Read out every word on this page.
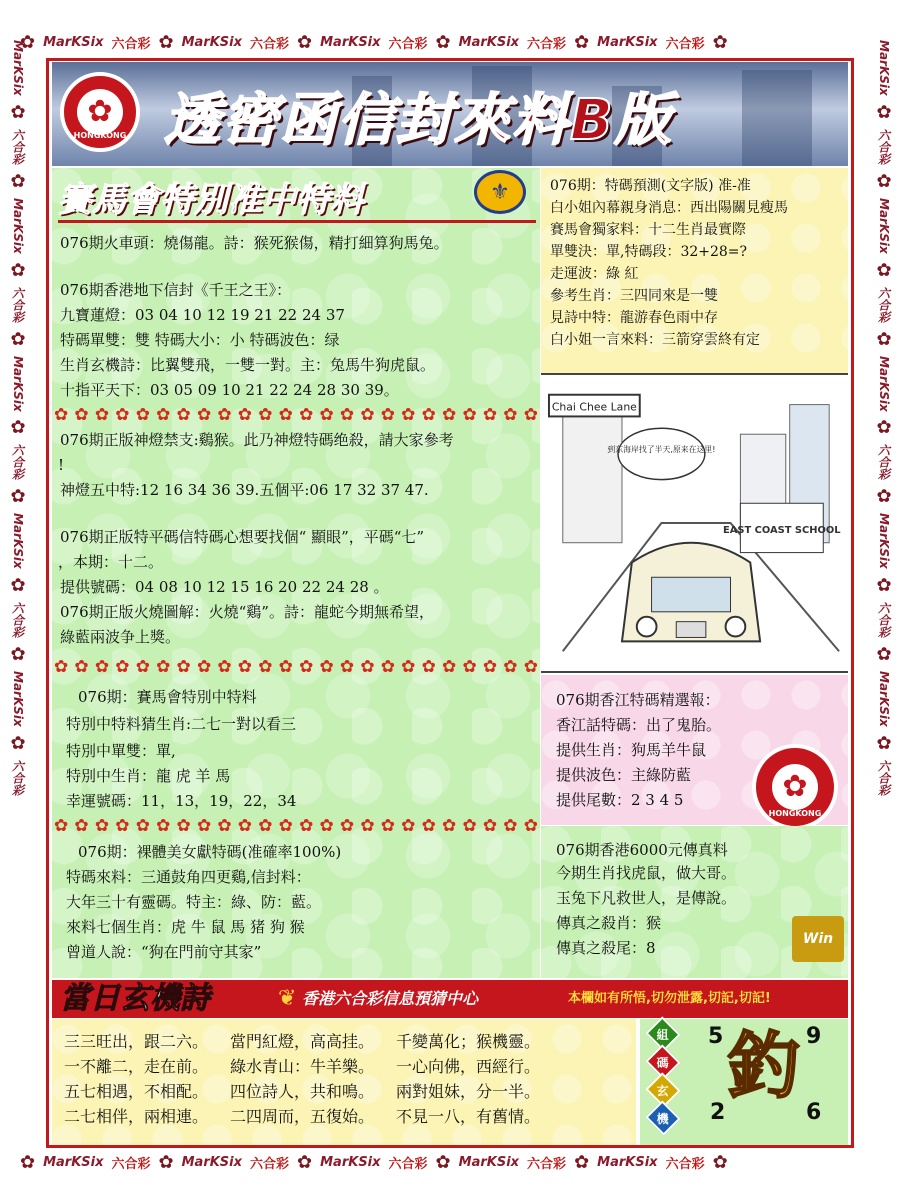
✿ MarKSix 六合彩 ✿ MarKSix 六合彩 ✿ MarKSix 六合彩 ✿ MarKSix 六合彩 ✿ MarKSix 六合彩 ✿
✿ MarKSix 六合彩 ✿ MarKSix 六合彩 ✿ MarKSix 六合彩 ✿ MarKSix 六合彩 ✿ MarKSix 六合彩 ✿
MarKSix
✿
六合彩
✿
MarKSix
✿
六合彩
✿
MarKSix
✿
六合彩
✿
MarKSix
✿
六合彩
✿
MarKSix
✿
六合彩
MarKSix
✿
六合彩
✿
MarKSix
✿
六合彩
✿
MarKSix
✿
六合彩
✿
MarKSix
✿
六合彩
✿
MarKSix
✿
六合彩
✿
HONGKONG 透密函信封來料B版
賽馬會特別准中特料	⚜
076期火車頭：燒傷龍。詩：猴死猴傷，精打細算狗馬兔。
076期香港地下信封《千王之王》：
九寶蓮燈：03 04 10 12 19 21 22 24 37
特碼單雙：雙 特碼大小：小 特碼波色：绿
生肖玄機詩：比翼雙飛，一雙一對。主：兔馬牛狗虎鼠。
十指平天下：03 05 09 10 21 22 24 28 30 39。
✿ ✿ ✿ ✿ ✿ ✿ ✿ ✿ ✿ ✿ ✿ ✿ ✿ ✿ ✿ ✿ ✿ ✿ ✿ ✿ ✿ ✿ ✿ ✿
076期正版神燈禁支:鷄猴。此乃神燈特碼绝殺，請大家參考
!
神燈五中特:12 16 34 36 39.五個平:06 17 32 37 47.
076期正版特平碼信特碼心想要找個“ 顯眼”，平碼“七”
，本期：十二。
提供號碼：04 08 10 12 15 16 20 22 24 28 。
076期正版火燒圖解：火燒“鷄”。詩：龍蛇今期無希望，
綠藍兩波争上獎。
✿ ✿ ✿ ✿ ✿ ✿ ✿ ✿ ✿ ✿ ✿ ✿ ✿ ✿ ✿ ✿ ✿ ✿ ✿ ✿ ✿ ✿ ✿ ✿
076期：賽馬會特別中特料
特別中特料猜生肖:二七一對以看三
特別中單雙：單,
特別中生肖：龍 虎 羊 馬
幸運號碼：11，13，19，22，34
✿ ✿ ✿ ✿ ✿ ✿ ✿ ✿ ✿ ✿ ✿ ✿ ✿ ✿ ✿ ✿ ✿ ✿ ✿ ✿ ✿ ✿ ✿ ✿
076期：裸體美女獻特碼(准確率100%)
特碼來料：三通鼓角四更鷄,信封料：
大年三十有靈碼。特主：綠、防：藍。
來料七個生肖：虎 牛 鼠 馬 猪 狗 猴
曾道人說：“狗在門前守其家”
076期：特碼預測(文字版) 准-准
白小姐內幕親身消息：西出陽關見瘦馬
賽馬會獨家料：十二生肖最實際
單雙決：單,特碼段：32+28=?
走運波：綠 紅
參考生肖：三四同來是一雙
見詩中特：龍游春色雨中存
白小姐一言來料：三箭穿雲終有定
Chai Chee Lane
到东海岸找了半天,原来在这里!
EAST COAST SCHOOL
076期香江特碼精選報：
香江話特碼：出了鬼胎。
提供生肖：狗馬羊牛鼠
提供波色：主綠防藍
提供尾數：2 3 4 5	✿
HONGKONG
076期香港6000元傳真料
今期生肖找虎鼠，做大哥。
玉兔下凡救世人，是傳說。
傳真之殺肖：猴
傳真之殺尾：8	Win
當日玄機詩	❦ 香港六合彩信息預猜中心	本欄如有所悟,切勿泄露,切記,切記!
三三旺出，跟二六。 當門紅燈，高高挂。 千變萬化；猴機靈。
一不離二，走在前。 綠水青山：牛羊樂。 一心向佛，西經行。
五七相遇，不相配。 四位詩人，共和鳴。 兩對姐妹，分一半。
二七相伴，兩相連。 二四周而，五復始。 不見一八，有舊情。
組
碼
玄
機
5	9
2	6
釣
